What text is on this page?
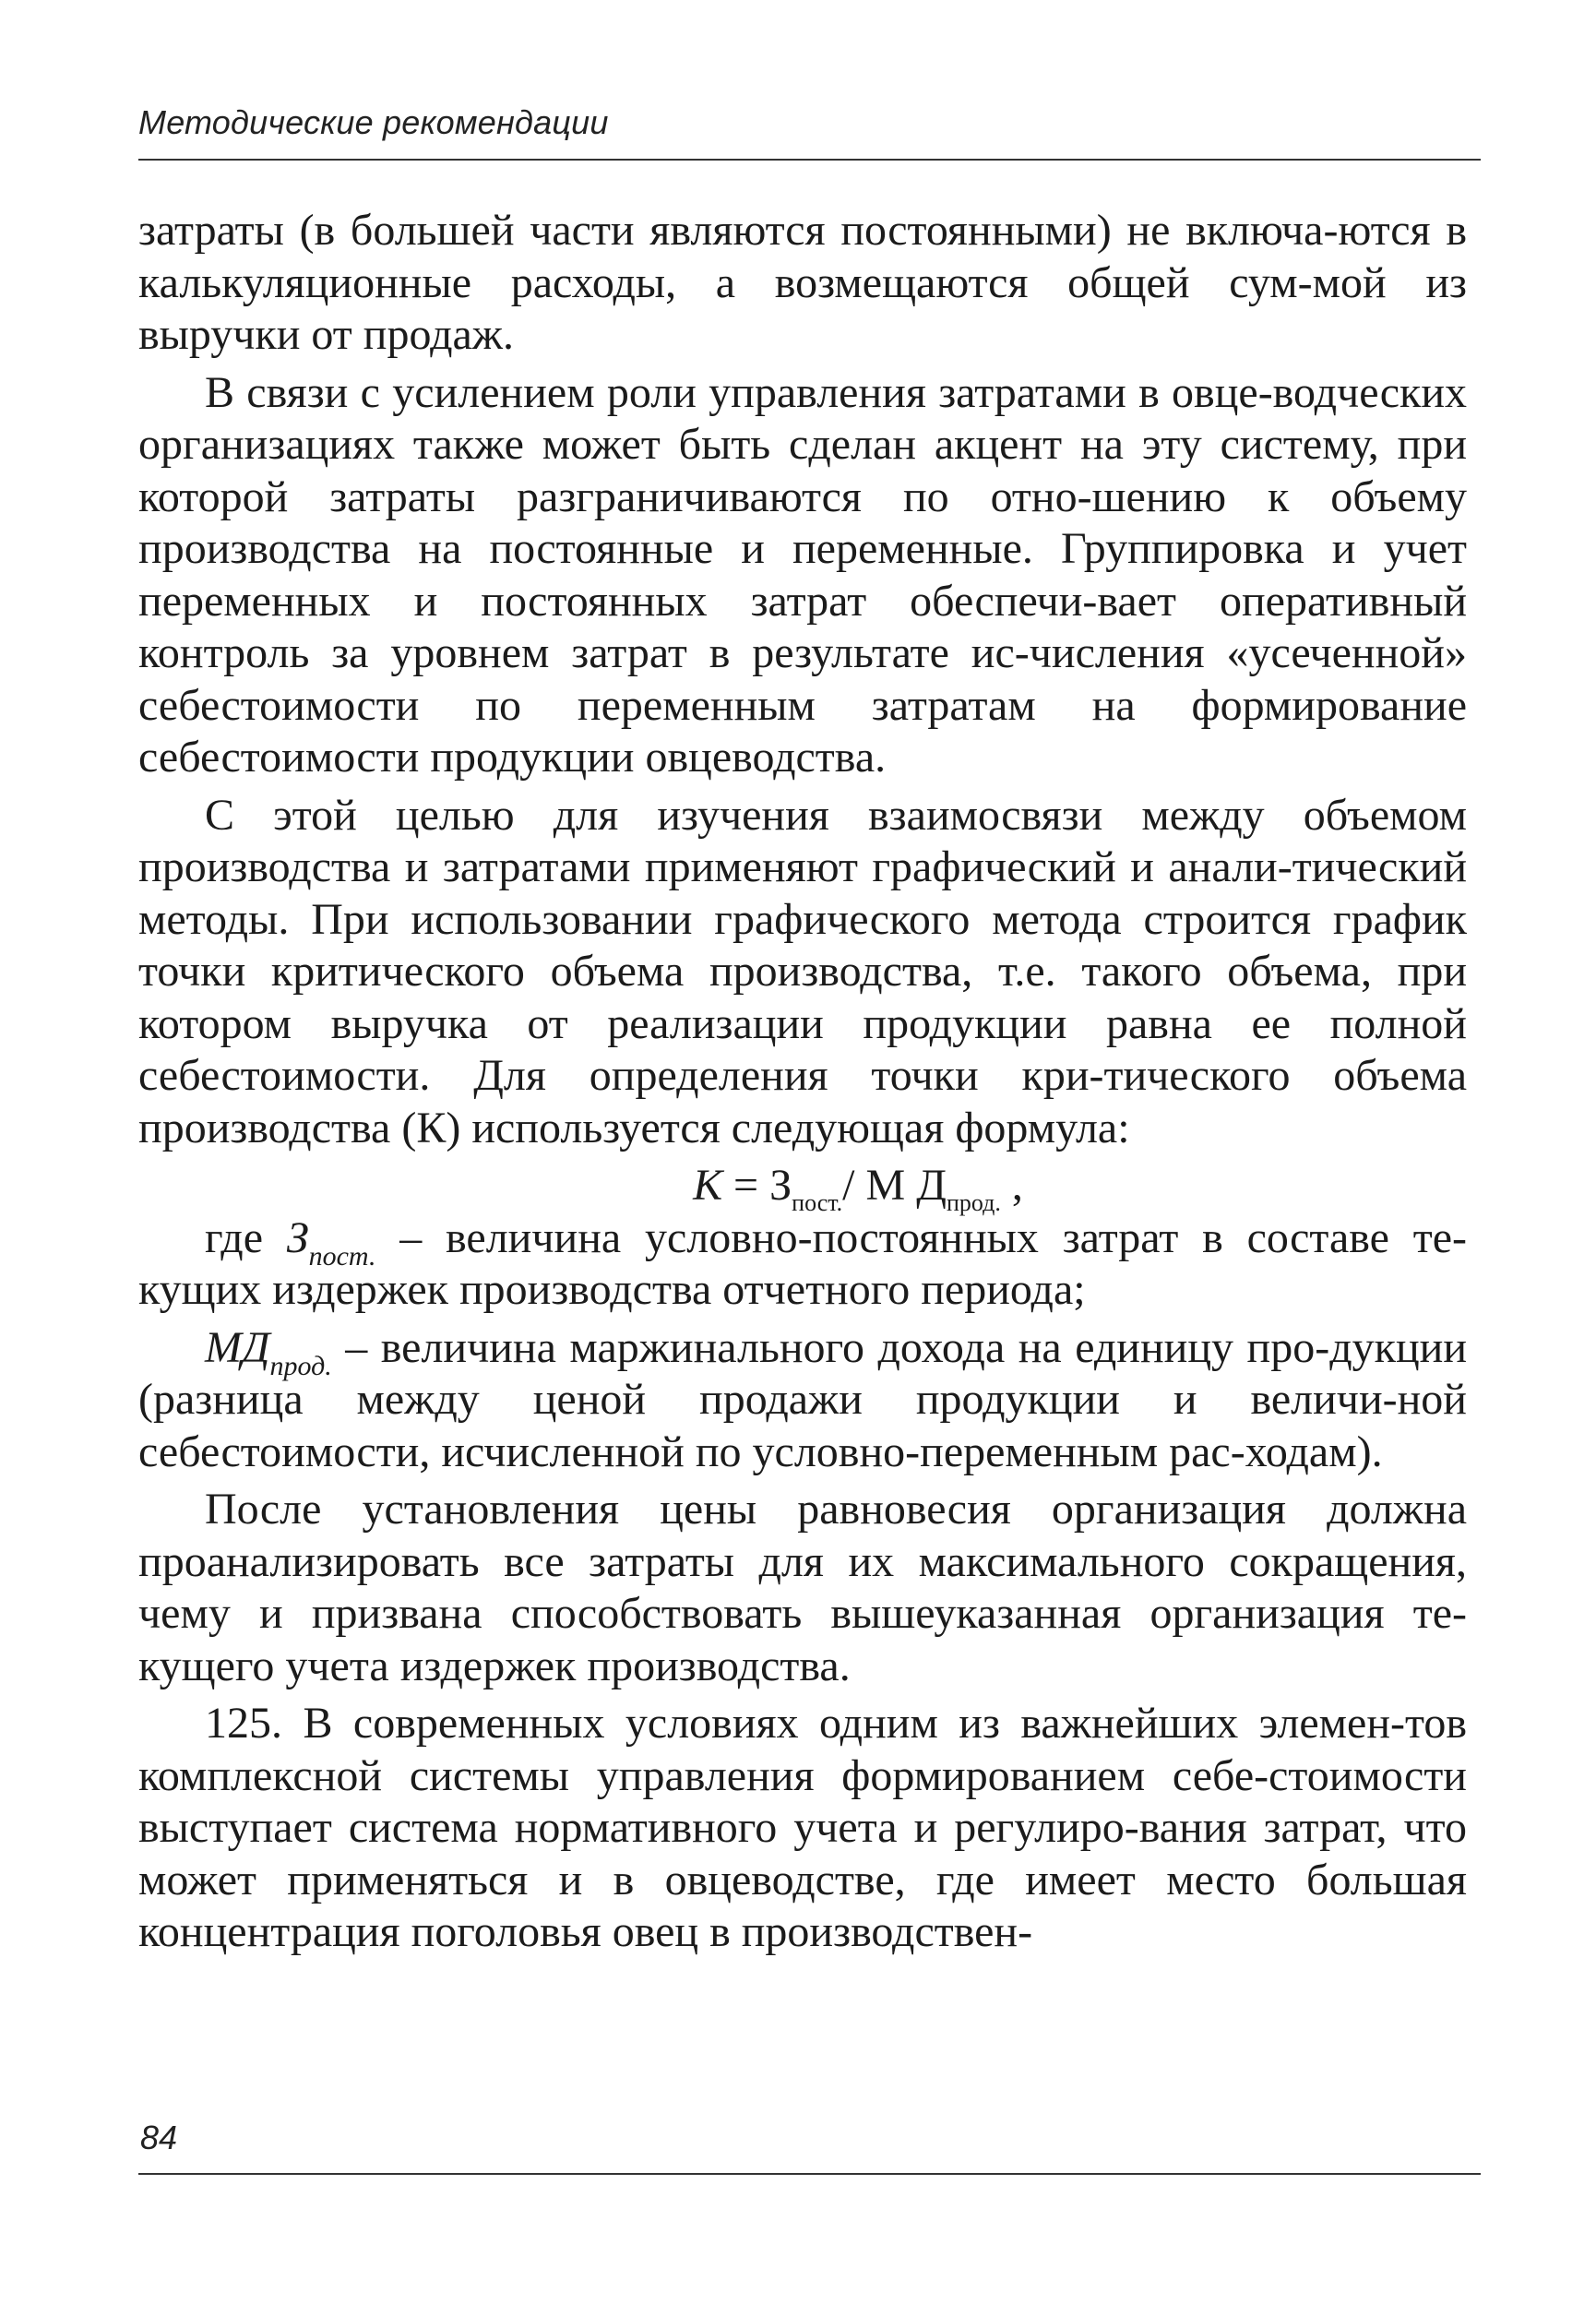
Методические рекомендации

затраты (в большей части являются постоянными) не включа-ются в калькуляционные расходы, а возмещаются общей сум-мой из выручки от продаж.

В связи с усилением роли управления затратами в овце-водческих организациях также может быть сделан акцент на эту систему, при которой затраты разграничиваются по отно-шению к объему производства на постоянные и переменные. Группировка и учет переменных и постоянных затрат обеспечи-вает оперативный контроль за уровнем затрат в результате ис-числения «усеченной» себестоимости по переменным затратам на формирование себестоимости продукции овцеводства.

С этой целью для изучения взаимосвязи между объемом производства и затратами применяют графический и анали-тический методы. При использовании графического метода строится график точки критического объема производства, т.е. такого объема, при котором выручка от реализации продукции равна ее полной себестоимости. Для определения точки кри-тического объема производства (К) используется следующая формула:

$К = З_{пост.}/$ М $Д_{прод.}$ ,

где $З_{пост.}$ – величина условно-постоянных затрат в составе те-кущих издержек производства отчетного периода;

$МД_{прод.}$ – величина маржинального дохода на единицу про-дукции (разница между ценой продажи продукции и величи-ной себестоимости, исчисленной по условно-переменным рас-ходам).

После установления цены равновесия организация должна проанализировать все затраты для их максимального сокращения, чему и призвана способствовать вышеуказанная организация те-кущего учета издержек производства.

125. В современных условиях одним из важнейших элемен-тов комплексной системы управления формированием себе-стоимости выступает система нормативного учета и регулиро-вания затрат, что может применяться и в овцеводстве, где имеет место большая концентрация поголовья овец в производствен-

84
